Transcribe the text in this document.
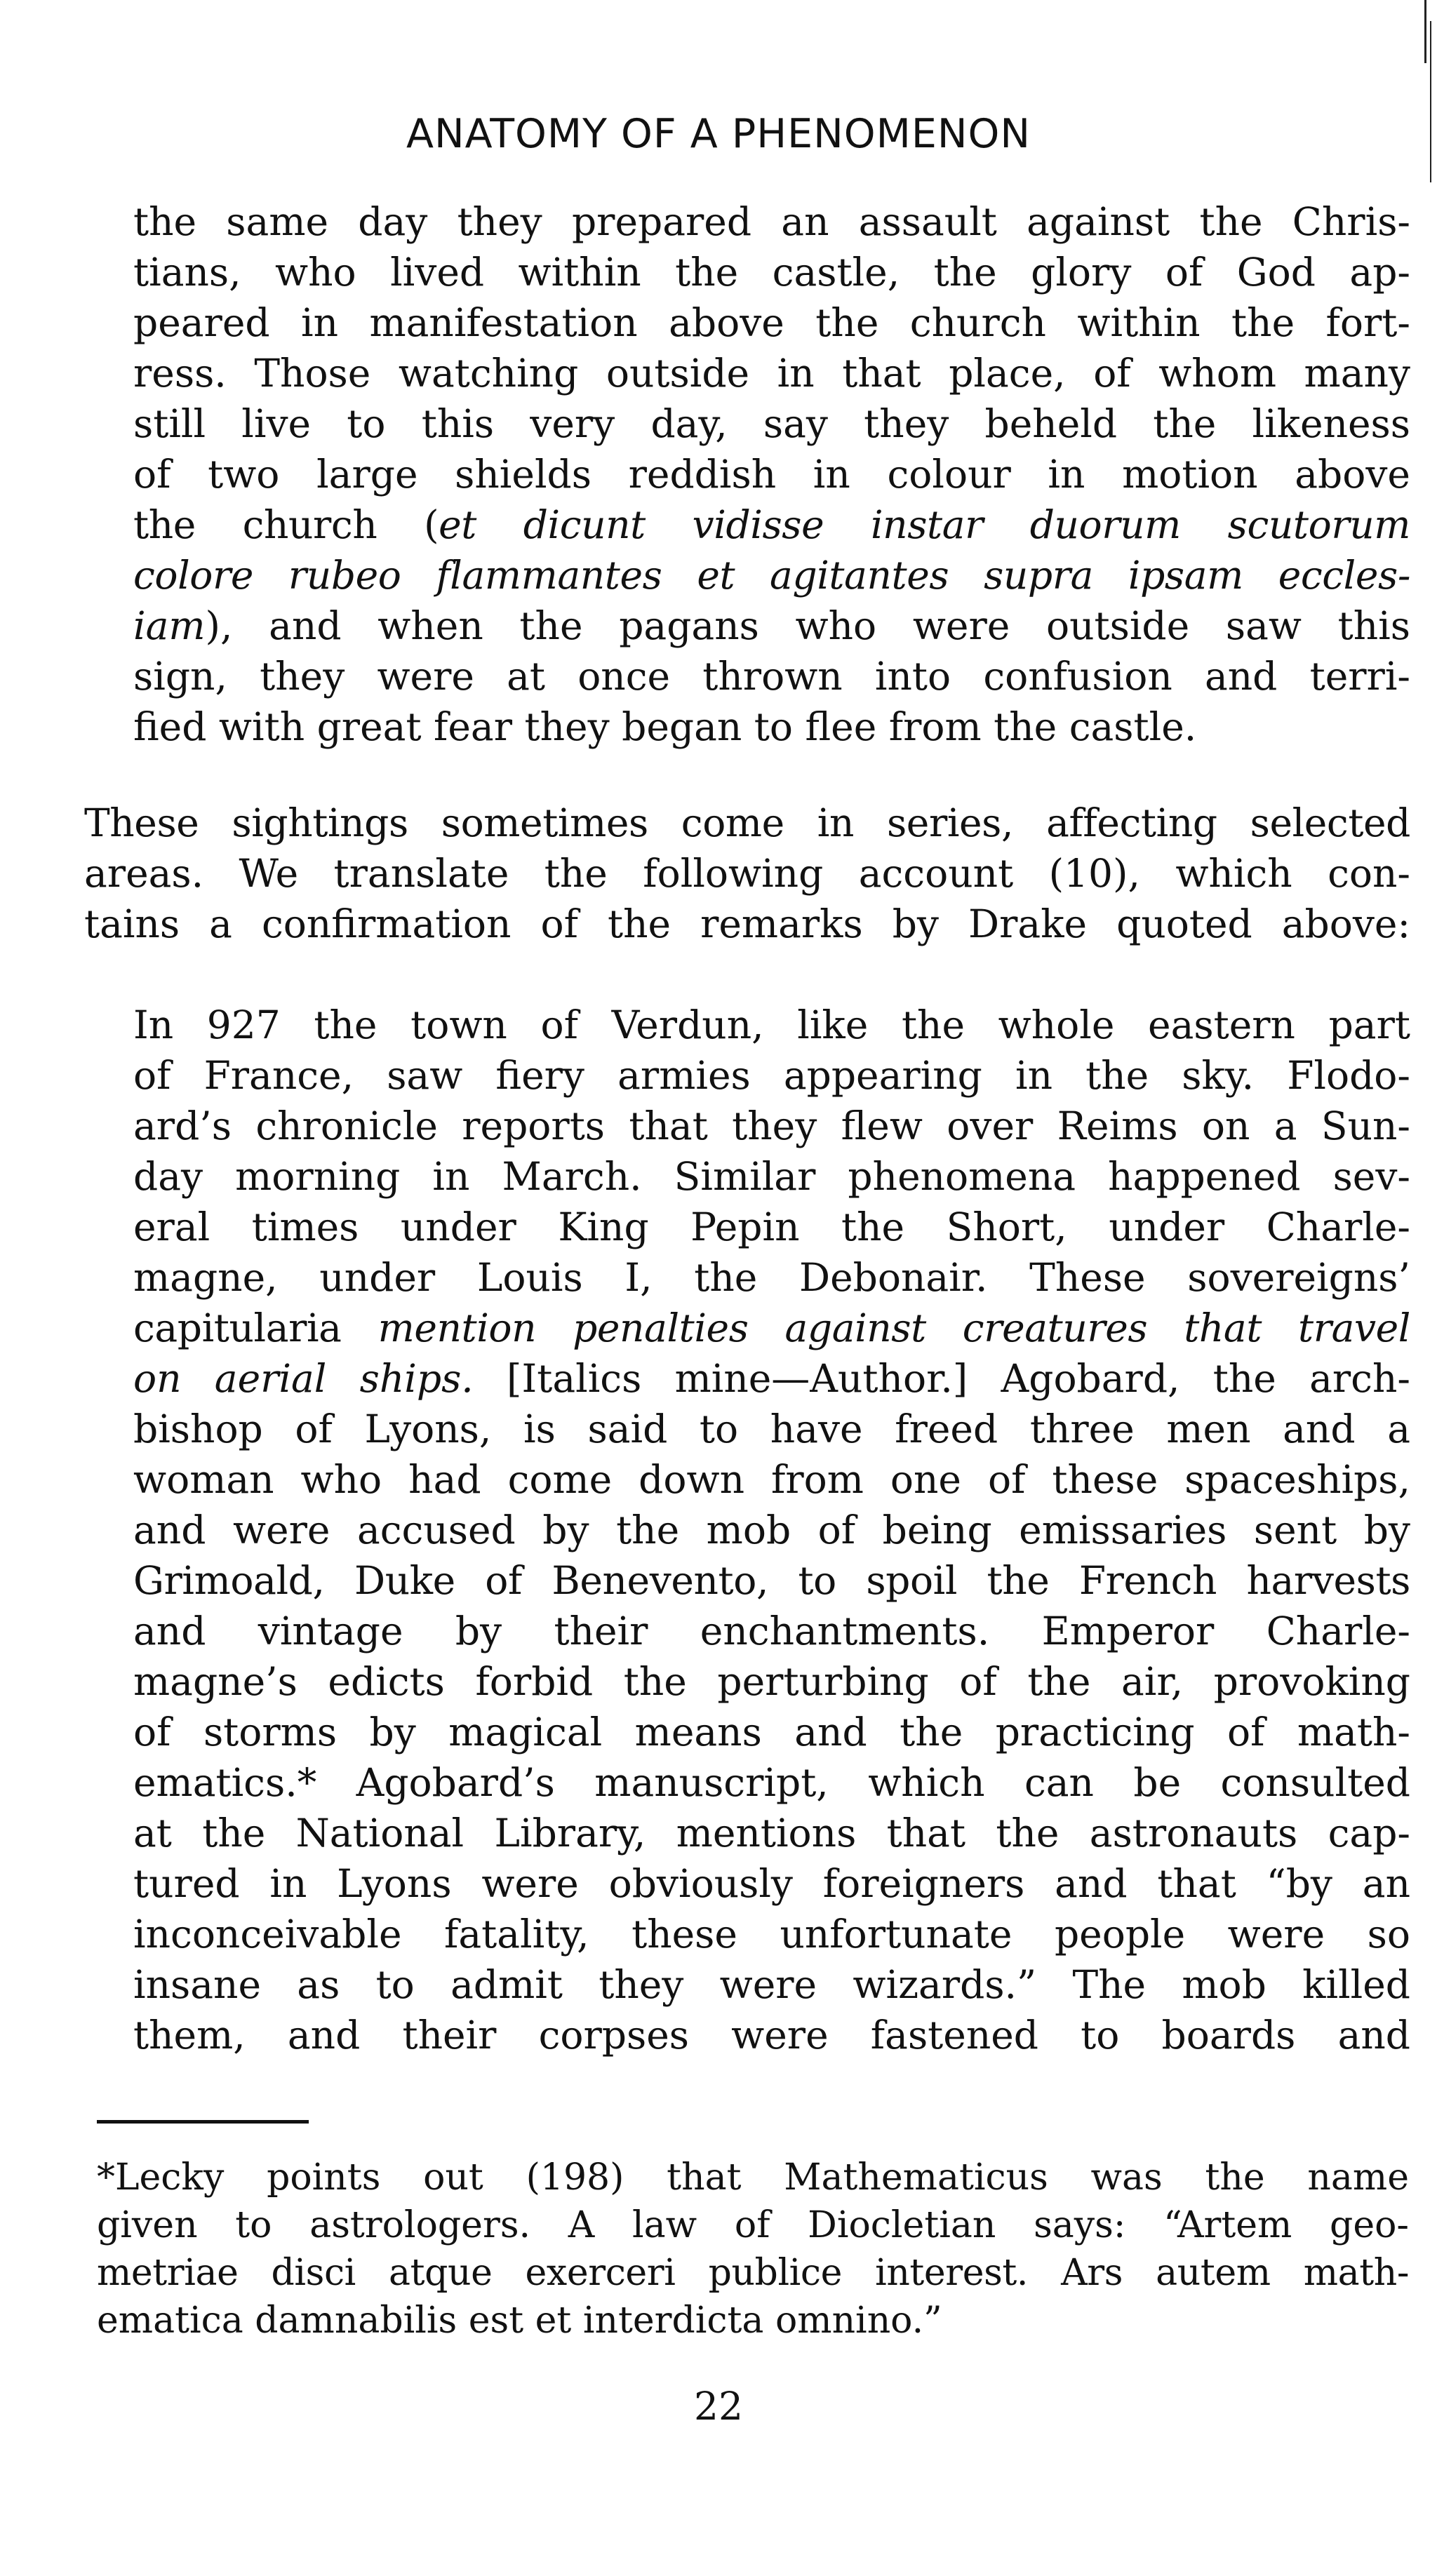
ANATOMY OF A PHENOMENON
the same day they prepared an assault against the Chris-
tians, who lived within the castle, the glory of God ap-
peared in manifestation above the church within the fort-
ress. Those watching outside in that place, of whom many
still live to this very day, say they beheld the likeness
of two large shields reddish in colour in motion above
the church (et dicunt vidisse instar duorum scutorum
colore rubeo flammantes et agitantes supra ipsam eccles-
iam), and when the pagans who were outside saw this
sign, they were at once thrown into confusion and terri-
fied with great fear they began to flee from the castle.
These sightings sometimes come in series, affecting selected
areas. We translate the following account (10), which con-
tains a confirmation of the remarks by Drake quoted above:
In 927 the town of Verdun, like the whole eastern part
of France, saw fiery armies appearing in the sky. Flodo-
ard’s chronicle reports that they flew over Reims on a Sun-
day morning in March. Similar phenomena happened sev-
eral times under King Pepin the Short, under Charle-
magne, under Louis I, the Debonair. These sovereigns’
capitularia mention penalties against creatures that travel
on aerial ships. [Italics mine—Author.] Agobard, the arch-
bishop of Lyons, is said to have freed three men and a
woman who had come down from one of these spaceships,
and were accused by the mob of being emissaries sent by
Grimoald, Duke of Benevento, to spoil the French harvests
and vintage by their enchantments. Emperor Charle-
magne’s edicts forbid the perturbing of the air, provoking
of storms by magical means and the practicing of math-
ematics.* Agobard’s manuscript, which can be consulted
at the National Library, mentions that the astronauts cap-
tured in Lyons were obviously foreigners and that “by an
inconceivable fatality, these unfortunate people were so
insane as to admit they were wizards.” The mob killed
them, and their corpses were fastened to boards and
*Lecky points out (198) that Mathematicus was the name
given to astrologers. A law of Diocletian says: “Artem geo-
metriae disci atque exerceri publice interest. Ars autem math-
ematica damnabilis est et interdicta omnino.”
22
